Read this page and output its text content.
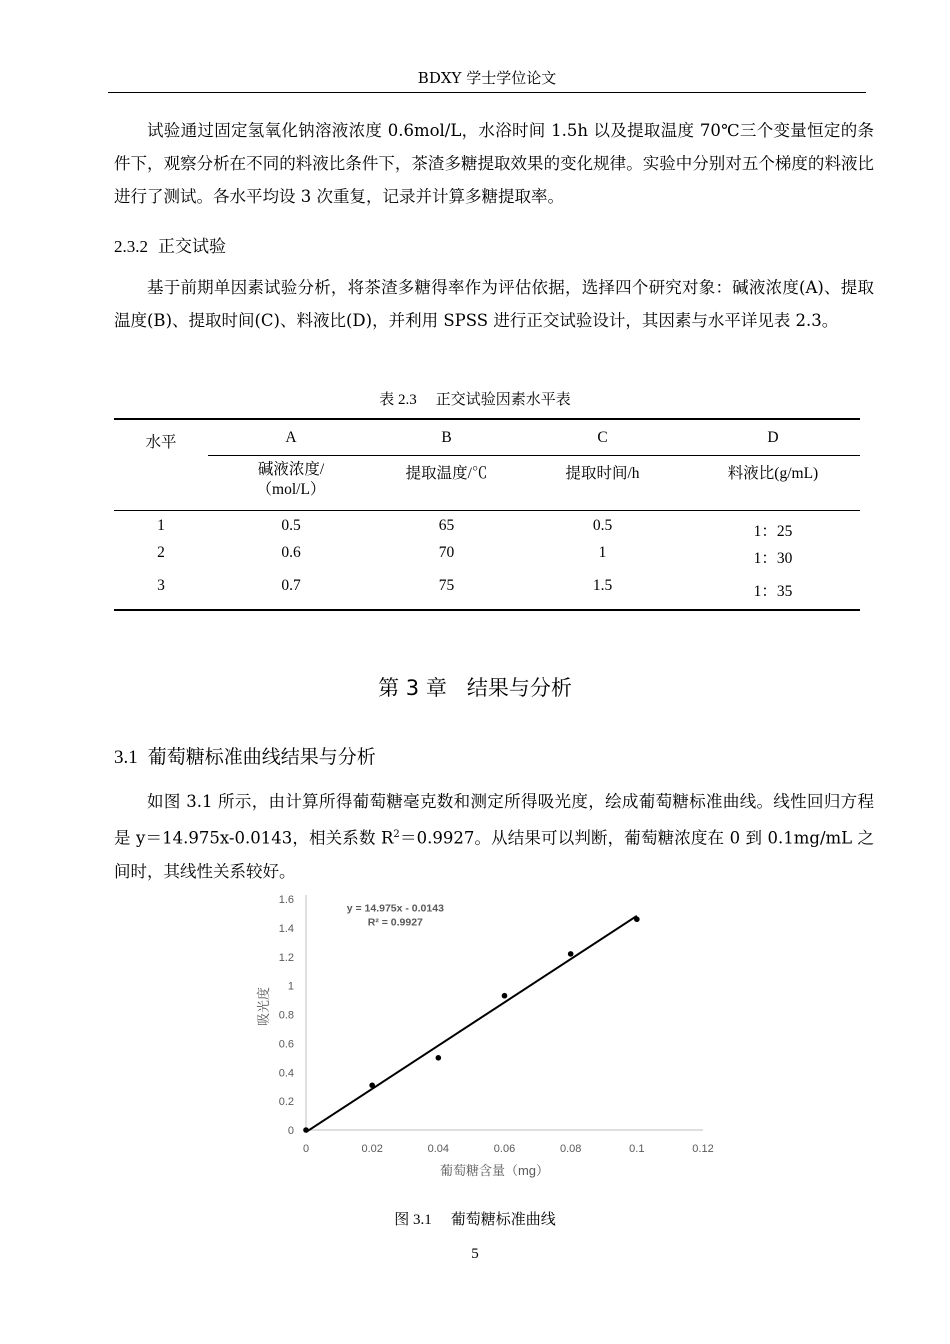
BDXY 学士学位论文

试验通过固定氢氧化钠溶液浓度 0.6mol/L，水浴时间 1.5h 以及提取温度 70℃三个变量恒定的条件下，观察分析在不同的料液比条件下，茶渣多糖提取效果的变化规律。实验中分别对五个梯度的料液比进行了测试。各水平均设 3 次重复，记录并计算多糖提取率。

2.3.2 正交试验

基于前期单因素试验分析，将茶渣多糖得率作为评估依据，选择四个研究对象：碱液浓度(A)、提取温度(B)、提取时间(C)、料液比(D)，并利用 SPSS 进行正交试验设计，其因素与水平详见表 2.3。

表 2.3 正交试验因素水平表
水平	A	B	C	D
	碱液浓度/（mol/L）	提取温度/℃	提取时间/h	料液比(g/mL)
1	0.5	65	0.5	1：25
2	0.6	70	1	1：30
3	0.7	75	1.5	1：35
第 3 章 结果与分析
3.1 葡萄糖标准曲线结果与分析

如图 3.1 所示，由计算所得葡萄糖毫克数和测定所得吸光度，绘成葡萄糖标准曲线。线性回归方程是 y＝14.975x-0.0143，相关系数 $R^2=0.9927$。从结果可以判断，葡萄糖浓度在 0 到 0.1mg/mL 之间时，其线性关系较好。

0
0.2
0.4
0.6
0.8
1
1.2
1.4
1.6
0	0.02	0.04	0.06	0.08	0.1	0.12
葡萄糖含量（mg）
吸光度
y = 14.975x - 0.0143
R² = 0.9927
图 3.1 葡萄糖标准曲线
5
